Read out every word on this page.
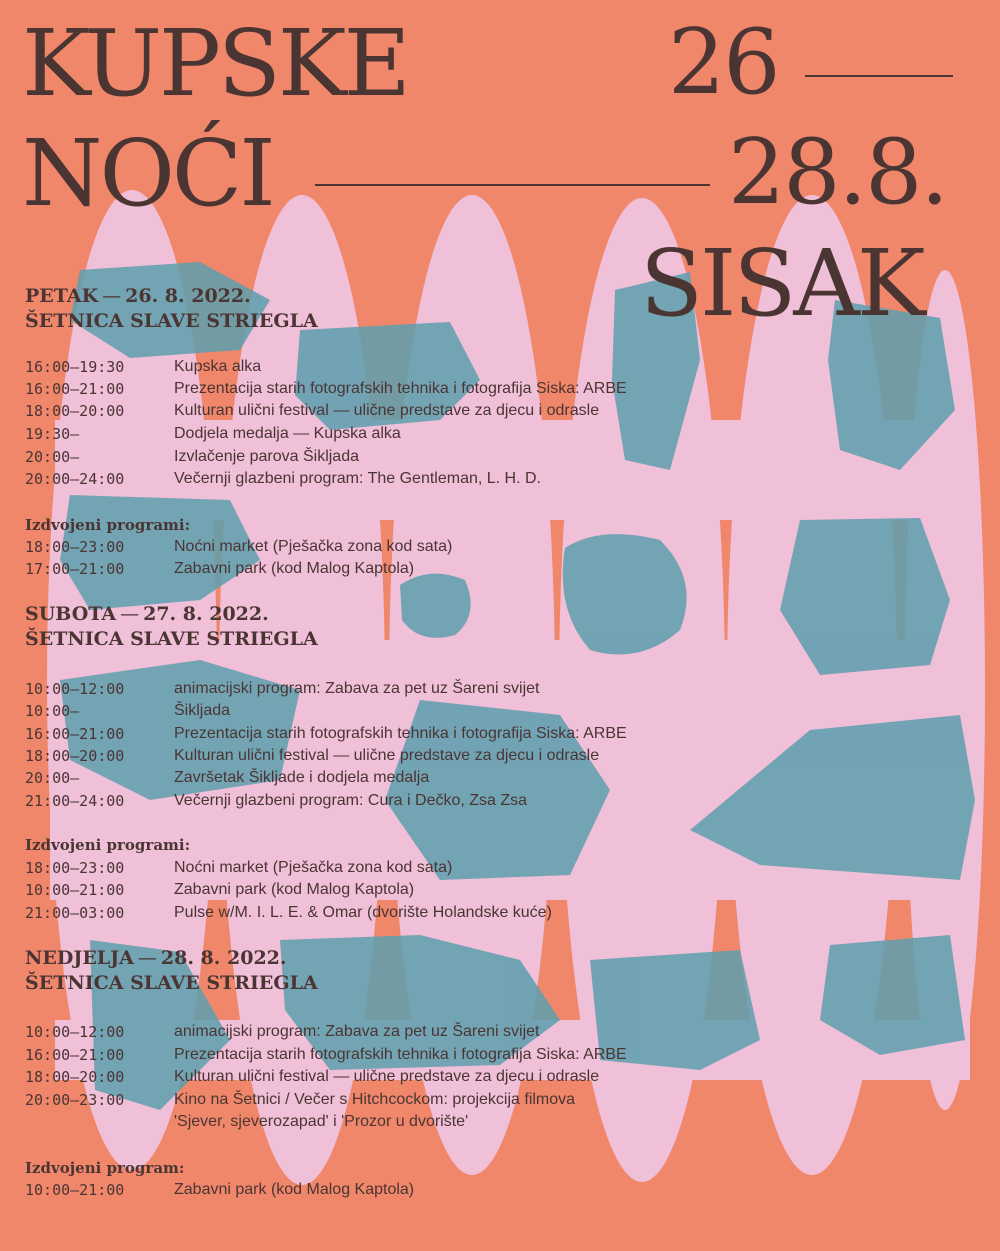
KUPSKE
NOĆI
26
28.8.
SISAK
PETAK — 26. 8. 2022.
ŠETNICA SLAVE STRIEGLA
16:00—19:30	Kupska alka
16:00—21:00	Prezentacija starih fotografskih tehnika i fotografija Siska: ARBE
18:00—20:00	Kulturan ulični festival — ulične predstave za djecu i odrasle
19:30—	Dodjela medalja — Kupska alka
20:00—	Izvlačenje parova Šikljada
20:00—24:00	Večernji glazbeni program: The Gentleman, L. H. D.
Izdvojeni programi:
18:00—23:00	Noćni market (Pješačka zona kod sata)
17:00—21:00	Zabavni park (kod Malog Kaptola)
SUBOTA — 27. 8. 2022.
ŠETNICA SLAVE STRIEGLA
10:00—12:00	animacijski program: Zabava za pet uz Šareni svijet
10:00—	Šikljada
16:00—21:00	Prezentacija starih fotografskih tehnika i fotografija Siska: ARBE
18:00—20:00	Kulturan ulični festival — ulične predstave za djecu i odrasle
20:00—	Završetak Šikljade i dodjela medalja
21:00—24:00	Večernji glazbeni program: Cura i Dečko, Zsa Zsa
Izdvojeni programi:
18:00—23:00	Noćni market (Pješačka zona kod sata)
10:00—21:00	Zabavni park (kod Malog Kaptola)
21:00—03:00	Pulse w/M. I. L. E. & Omar (dvorište Holandske kuće)
NEDJELJA — 28. 8. 2022.
ŠETNICA SLAVE STRIEGLA
10:00—12:00	animacijski program: Zabava za pet uz Šareni svijet
16:00—21:00	Prezentacija starih fotografskih tehnika i fotografija Siska: ARBE
18:00—20:00	Kulturan ulični festival — ulične predstave za djecu i odrasle
20:00—23:00	Kino na Šetnici / Večer s Hitchcockom: projekcija filmova
'Sjever, sjeverozapad' i 'Prozor u dvorište'
Izdvojeni program:
10:00—21:00	Zabavni park (kod Malog Kaptola)
